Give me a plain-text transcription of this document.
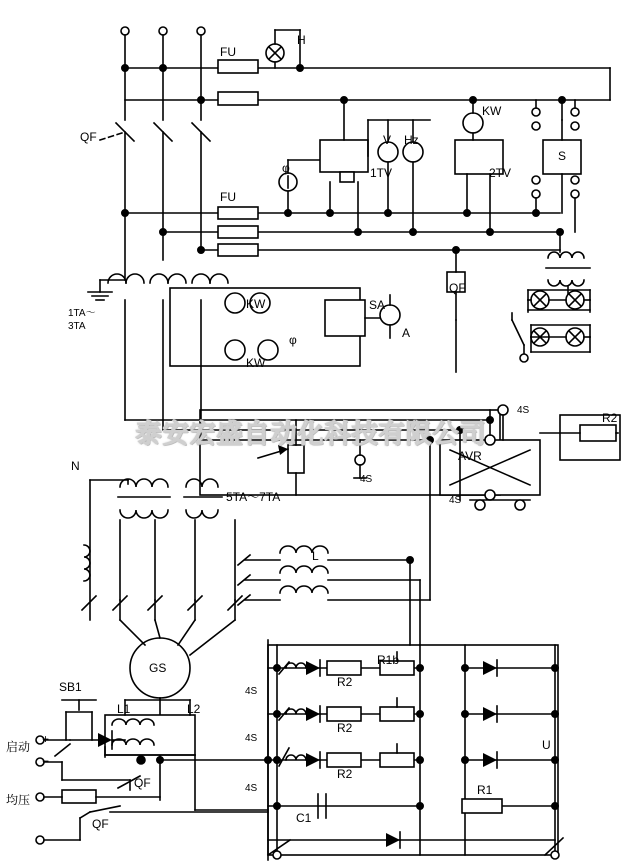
FU
H
QF	V Hz
KW
S
1TV	2TV
FU
φ
KW	SA
A
φ
KW
1TA～
3TA
QF
R2
AVR
4S
4S
4S
N
5TA～7TA
L
GS
SB1
L1	L2
启动
+
−
均压
QF
QF
R1b
R2
R2
R2
4S
4S
4S	R1
C1
U
泰安宏盛自动化科技有限公司
